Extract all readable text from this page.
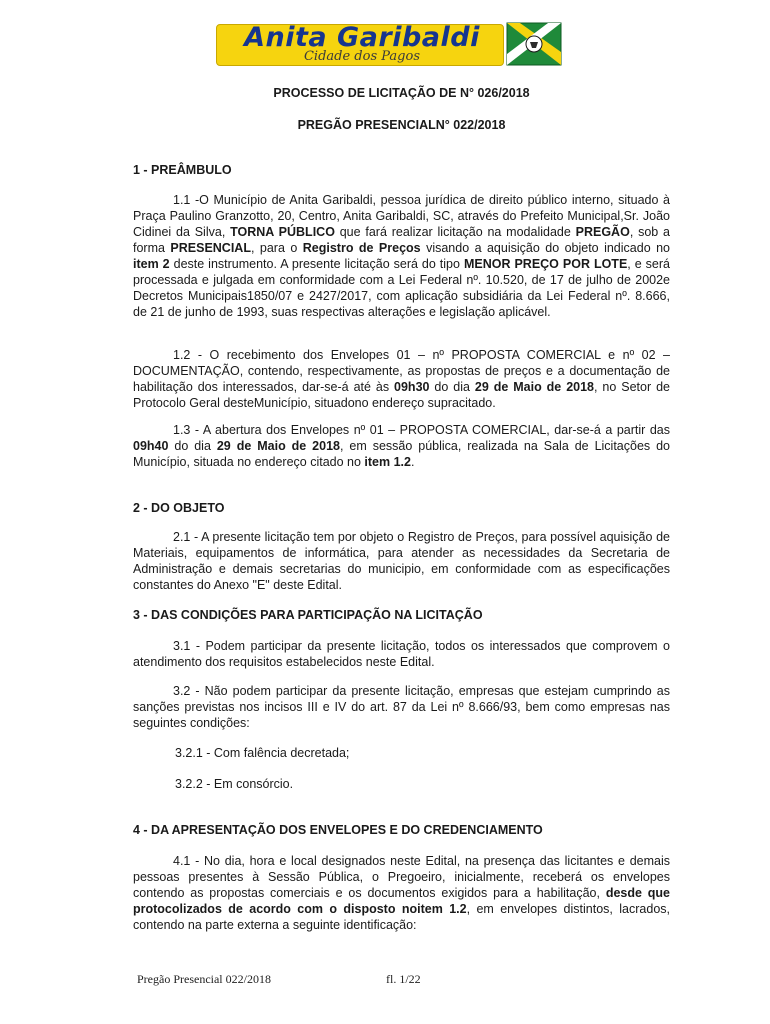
Anita Garibaldi
Cidade dos Pagos
PROCESSO DE LICITAÇÃO DE N° 026/2018
PREGÃO PRESENCIALN° 022/2018
1 - PREÂMBULO

1.1 -O Município de Anita Garibaldi, pessoa jurídica de direito público interno, situado à Praça Paulino Granzotto, 20, Centro, Anita Garibaldi, SC, através do Prefeito Municipal,Sr. João Cidinei da Silva, TORNA PÚBLICO que fará realizar licitação na modalidade PREGÃO, sob a forma PRESENCIAL, para o Registro de Preços visando a aquisição do objeto indicado no item 2 deste instrumento. A presente licitação será do tipo MENOR PREÇO POR LOTE, e será processada e julgada em conformidade com a Lei Federal nº. 10.520, de 17 de julho de 2002e Decretos Municipais1850/07 e 2427/2017, com aplicação subsidiária da Lei Federal nº. 8.666, de 21 de junho de 1993, suas respectivas alterações e legislação aplicável.

1.2 - O recebimento dos Envelopes 01 – nº PROPOSTA COMERCIAL e nº 02 – DOCUMENTAÇÃO, contendo, respectivamente, as propostas de preços e a documentação de habilitação dos interessados, dar-se-á até às 09h30 do dia 29 de Maio de 2018, no Setor de Protocolo Geral desteMunicípio, situadono endereço supracitado.

1.3 - A abertura dos Envelopes nº 01 – PROPOSTA COMERCIAL, dar-se-á a partir das 09h40 do dia 29 de Maio de 2018, em sessão pública, realizada na Sala de Licitações do Município, situada no endereço citado no item 1.2.

2 - DO OBJETO

2.1 - A presente licitação tem por objeto o Registro de Preços, para possível aquisição de Materiais, equipamentos de informática, para atender as necessidades da Secretaria de Administração e demais secretarias do municipio, em conformidade com as especificações constantes do Anexo "E" deste Edital.

3 - DAS CONDIÇÕES PARA PARTICIPAÇÃO NA LICITAÇÃO

3.1 - Podem participar da presente licitação, todos os interessados que comprovem o atendimento dos requisitos estabelecidos neste Edital.

3.2 - Não podem participar da presente licitação, empresas que estejam cumprindo as sanções previstas nos incisos III e IV do art. 87 da Lei nº 8.666/93, bem como empresas nas seguintes condições:

3.2.1 - Com falência decretada;
3.2.2 - Em consórcio.
4 - DA APRESENTAÇÃO DOS ENVELOPES E DO CREDENCIAMENTO

4.1 - No dia, hora e local designados neste Edital, na presença das licitantes e demais pessoas presentes à Sessão Pública, o Pregoeiro, inicialmente, receberá os envelopes contendo as propostas comerciais e os documentos exigidos para a habilitação, desde que protocolizados de acordo com o disposto noitem 1.2, em envelopes distintos, lacrados, contendo na parte externa a seguinte identificação:

Pregão Presencial 022/2018	fl. 1/22
